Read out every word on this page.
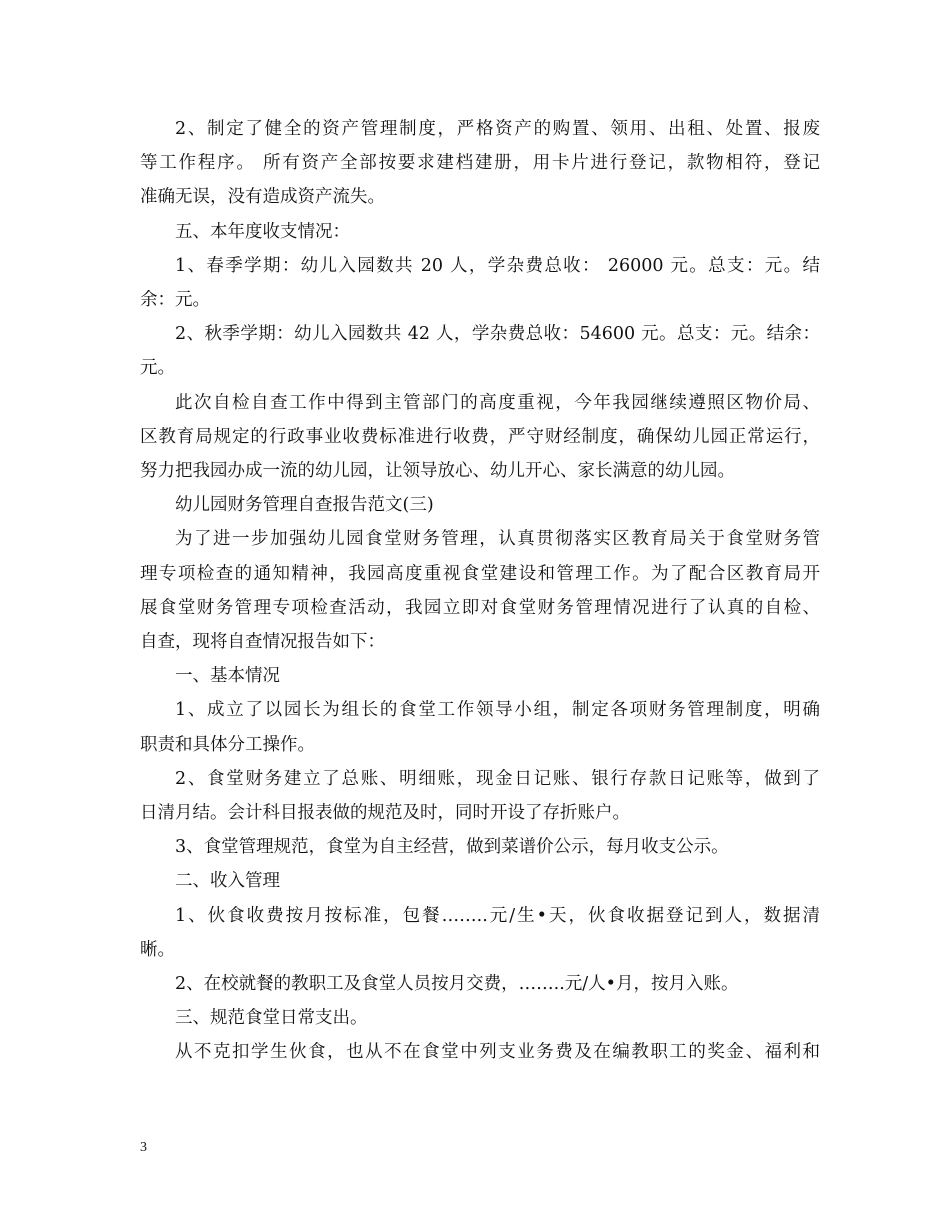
2、制定了健全的资产管理制度，严格资产的购置、领用、出租、处置、报废
等工作程序。 所有资产全部按要求建档建册，用卡片进行登记，款物相符，登记
准确无误，没有造成资产流失。
五、本年度收支情况：
1、春季学期：幼儿入园数共 20 人，学杂费总收： 26000 元。总支：元。结
余：元。
2、秋季学期：幼儿入园数共 42 人，学杂费总收：54600 元。总支：元。结余：
元。
此次自检自查工作中得到主管部门的高度重视，今年我园继续遵照区物价局、
区教育局规定的行政事业收费标准进行收费，严守财经制度，确保幼儿园正常运行，
努力把我园办成一流的幼儿园，让领导放心、幼儿开心、家长满意的幼儿园。
幼儿园财务管理自查报告范文(三)
为了进一步加强幼儿园食堂财务管理，认真贯彻落实区教育局关于食堂财务管
理专项检查的通知精神，我园高度重视食堂建设和管理工作。为了配合区教育局开
展食堂财务管理专项检查活动，我园立即对食堂财务管理情况进行了认真的自检、
自查，现将自查情况报告如下：
一、基本情况
1、成立了以园长为组长的食堂工作领导小组，制定各项财务管理制度，明确
职责和具体分工操作。
2、食堂财务建立了总账、明细账，现金日记账、银行存款日记账等，做到了
日清月结。会计科目报表做的规范及时，同时开设了存折账户。
3、食堂管理规范，食堂为自主经营，做到菜谱价公示，每月收支公示。
二、收入管理
1、伙食收费按月按标准，包餐……..元/生•天，伙食收据登记到人，数据清
晰。
2、在校就餐的教职工及食堂人员按月交费，……..元/人•月，按月入账。
三、规范食堂日常支出。
从不克扣学生伙食，也从不在食堂中列支业务费及在编教职工的奖金、福利和
3
